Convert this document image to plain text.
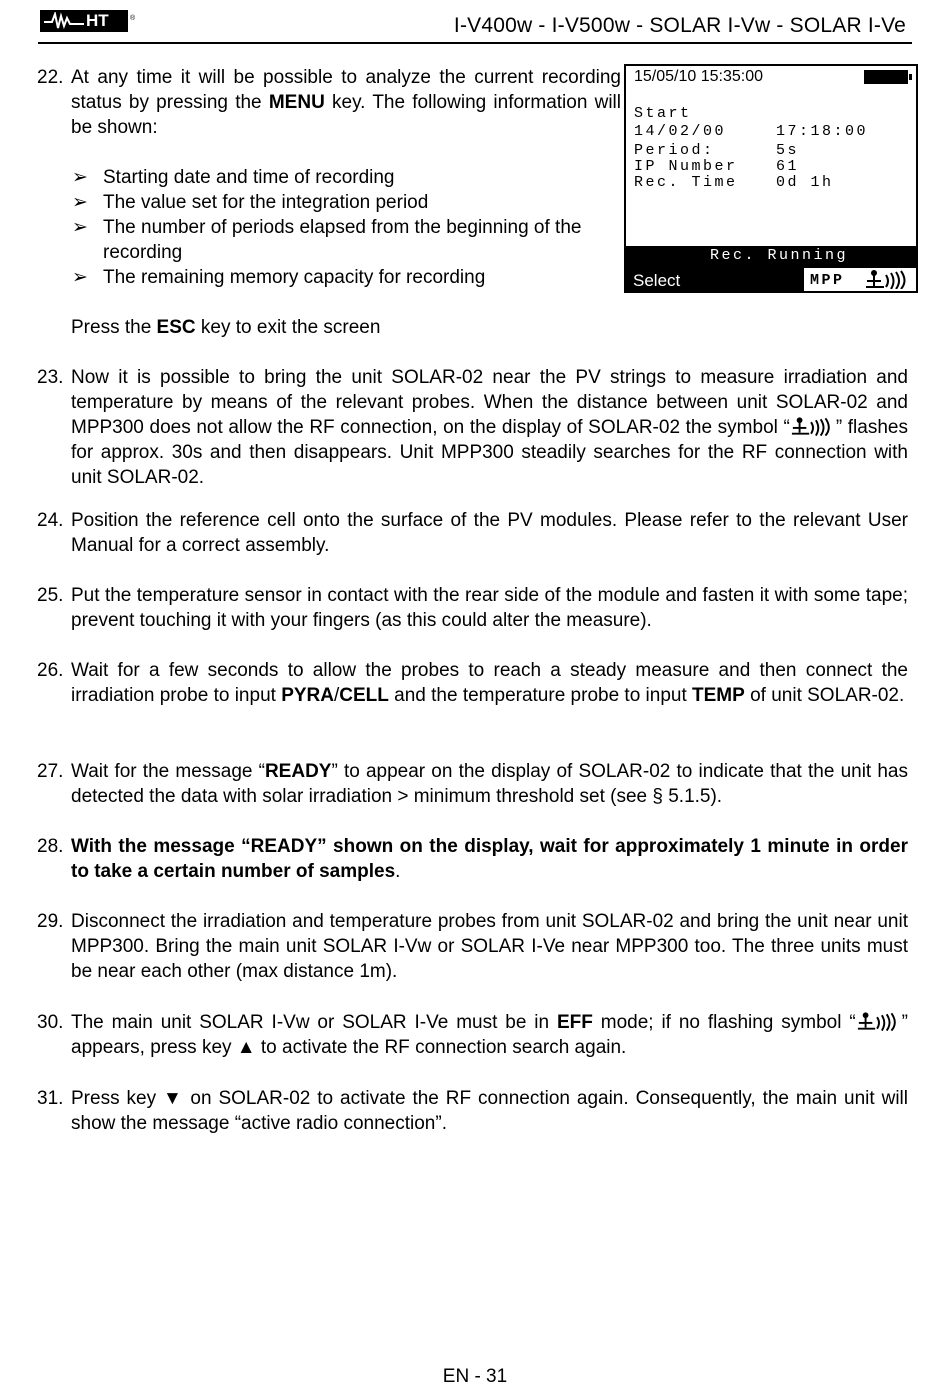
HT	®	I-V400w - I-V500w - SOLAR I-Vw - SOLAR I-Ve
22. At any time it will be possible to analyze the current recording status by pressing the MENU key. The following information will be shown:
➢ Starting date and time of recording
➢ The value set for the integration period
➢ The number of periods elapsed from the beginning of the recording
➢ The remaining memory capacity for recording
Press the ESC key to exit the screen
15/05/10 15:35:00
Start
14/02/00	17:18:00
Period:	5s
IP Number	61
Rec. Time	0d 1h
Rec. Running
Select	MPP
23. Now it is possible to bring the unit SOLAR-02 near the PV strings to measure irradiation and temperature by means of the relevant probes. When the distance between unit SOLAR-02 and MPP300 does not allow the RF connection, on the display of SOLAR-02 the symbol “ ” flashes for approx. 30s and then disappears. Unit MPP300 steadily searches for the RF connection with unit SOLAR-02.
24. Position the reference cell onto the surface of the PV modules. Please refer to the relevant User Manual for a correct assembly.
25. Put the temperature sensor in contact with the rear side of the module and fasten it with some tape; prevent touching it with your fingers (as this could alter the measure).
26. Wait for a few seconds to allow the probes to reach a steady measure and then connect the irradiation probe to input PYRA/CELL and the temperature probe to input TEMP of unit SOLAR-02.
27. Wait for the message “READY” to appear on the display of SOLAR-02 to indicate that the unit has detected the data with solar irradiation > minimum threshold set (see § 5.1.5).
28. With the message “READY” shown on the display, wait for approximately 1 minute in order to take a certain number of samples.
29. Disconnect the irradiation and temperature probes from unit SOLAR-02 and bring the unit near unit MPP300. Bring the main unit SOLAR I-Vw or SOLAR I-Ve near MPP300 too. The three units must be near each other (max distance 1m).
30. The main unit SOLAR I-Vw or SOLAR I-Ve must be in EFF mode; if no flashing symbol “ ” appears, press key ▲ to activate the RF connection search again.
31. Press key ▼ on SOLAR-02 to activate the RF connection again. Consequently, the main unit will show the message “active radio connection”.
EN - 31
